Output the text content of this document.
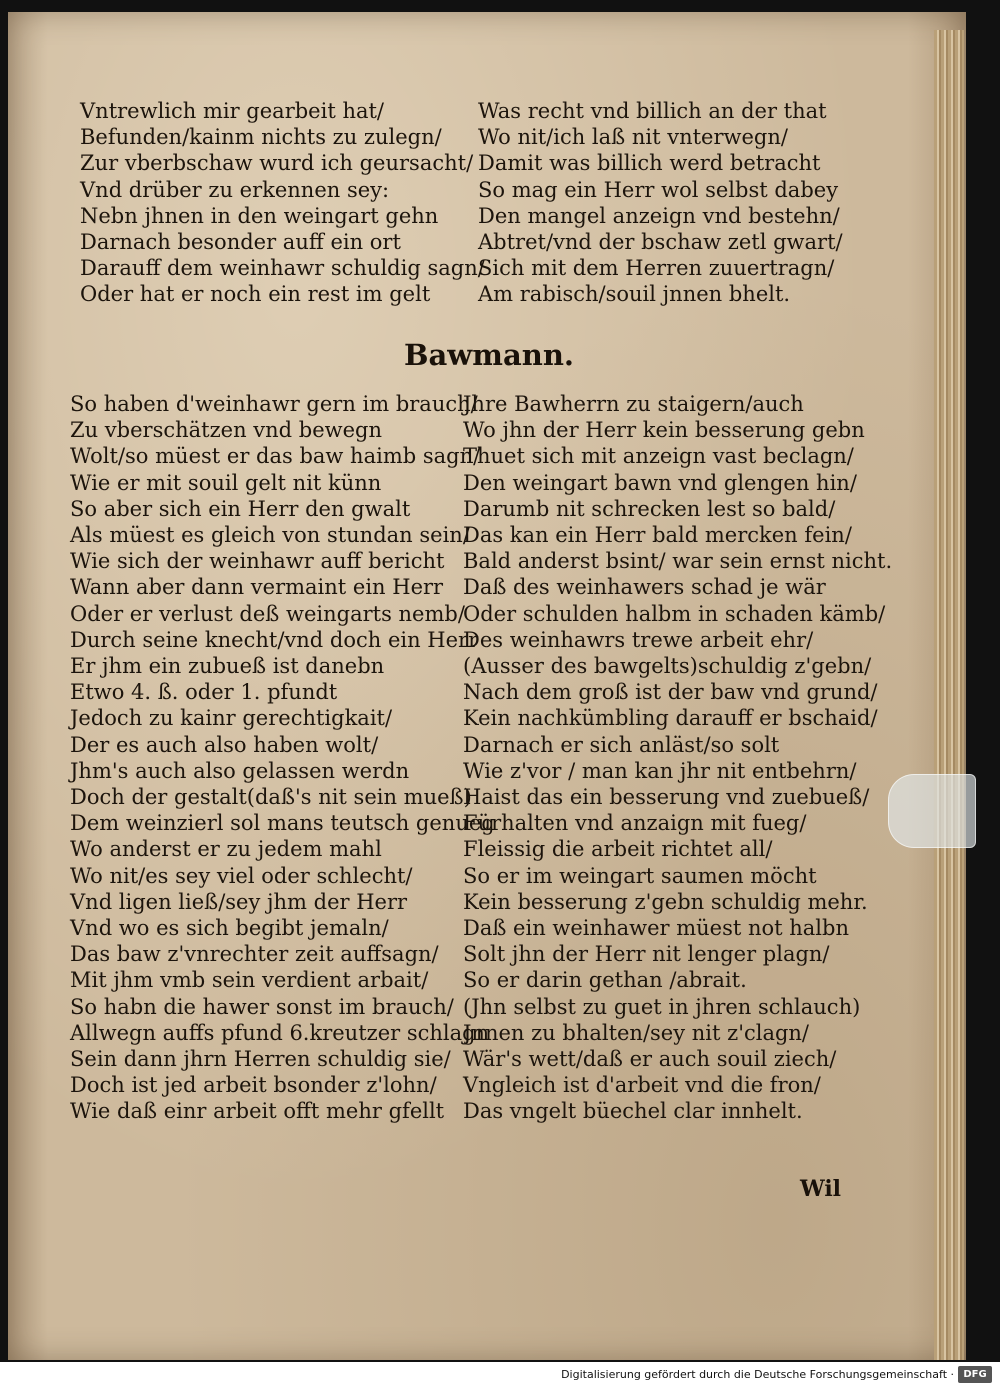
Vntrewlich mir gearbeit hat/
Befunden/kainm nichts zu zulegn/
Zur vberbschaw wurd ich geursacht/
Vnd drüber zu erkennen sey:
Nebn jhnen in den weingart gehn
Darnach besonder auff ein ort
Darauff dem weinhawr schuldig sagn/
Oder hat er noch ein rest im gelt
Was recht vnd billich an der that
Wo nit/ich laß nit vnterwegn/
Damit was billich werd betracht
So mag ein Herr wol selbst dabey
Den mangel anzeign vnd bestehn/
Abtret/vnd der bschaw zetl gwart/
Sich mit dem Herren zuuertragn/
Am rabisch/souil jnnen bhelt.
Bawmann.
So haben d'weinhawr gern im brauch/
Zu vberschätzen vnd bewegn
Wolt/so müest er das baw haimb sagn/
Wie er mit souil gelt nit künn
So aber sich ein Herr den gwalt
Als müest es gleich von stundan sein/
Wie sich der weinhawr auff bericht
Wann aber dann vermaint ein Herr
Oder er verlust deß weingarts nemb/
Durch seine knecht/vnd doch ein Herr
Er jhm ein zubueß ist danebn
Etwo 4. ß. oder 1. pfundt
Jedoch zu kainr gerechtigkait/
Der es auch also haben wolt/
Jhm's auch also gelassen werdn
Doch der gestalt(daß's nit sein mueß)
Dem weinzierl sol mans teutsch genueg
Wo anderst er zu jedem mahl
Wo nit/es sey viel oder schlecht/
Vnd ligen ließ/sey jhm der Herr
Vnd wo es sich begibt jemaln/
Das baw z'vnrechter zeit auffsagn/
Mit jhm vmb sein verdient arbait/
So habn die hawer sonst im brauch/
Allwegn auffs pfund 6.kreutzer schlagn
Sein dann jhrn Herren schuldig sie/
Doch ist jed arbeit bsonder z'lohn/
Wie daß einr arbeit offt mehr gfellt
Jhre Bawherrn zu staigern/auch
Wo jhn der Herr kein besserung gebn
Thuet sich mit anzeign vast beclagn/
Den weingart bawn vnd glengen hin/
Darumb nit schrecken lest so bald/
Das kan ein Herr bald mercken fein/
Bald anderst bsint/ war sein ernst nicht.
Daß des weinhawers schad je wär
Oder schulden halbm in schaden kämb/
Des weinhawrs trewe arbeit ehr/
(Ausser des bawgelts)schuldig z'gebn/
Nach dem groß ist der baw vnd grund/
Kein nachkümbling darauff er bschaid/
Darnach er sich anläst/so solt
Wie z'vor / man kan jhr nit entbehrn/
Haist das ein besserung vnd zuebueß/
Fürhalten vnd anzaign mit fueg/
Fleissig die arbeit richtet all/
So er im weingart saumen möcht
Kein besserung z'gebn schuldig mehr.
Daß ein weinhawer müest not halbn
Solt jhn der Herr nit lenger plagn/
So er darin gethan /abrait.
(Jhn selbst zu guet in jhren schlauch)
Jnnen zu bhalten/sey nit z'clagn/
Wär's wett/daß er auch souil ziech/
Vngleich ist d'arbeit vnd die fron/
Das vngelt büechel clar innhelt.
Wil
Digitalisierung gefördert durch die Deutsche Forschungsgemeinschaft · DFG
